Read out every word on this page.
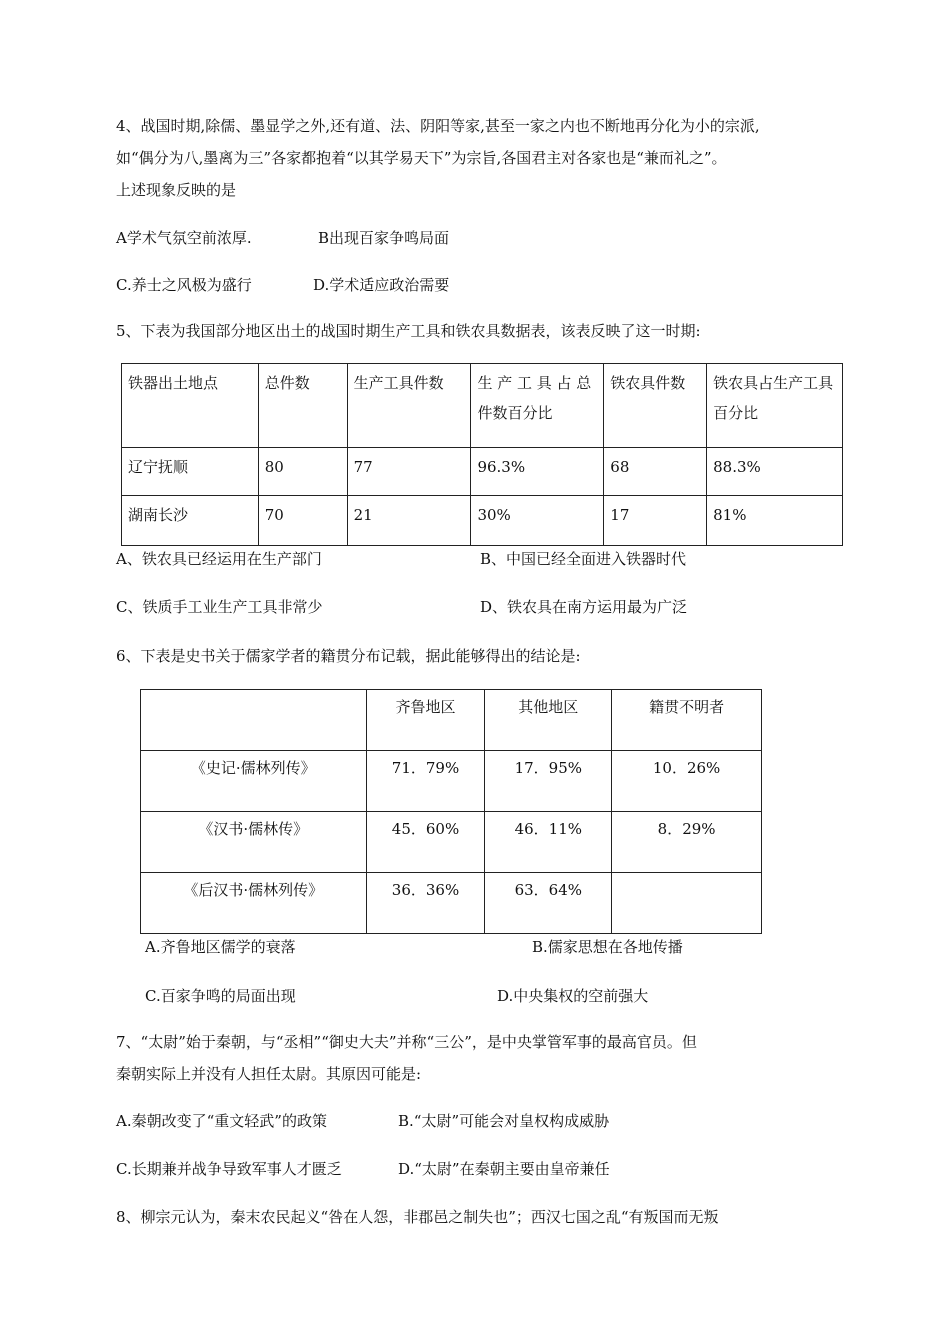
4、战国时期,除儒、墨显学之外,还有道、法、阴阳等家,甚至一家之内也不断地再分化为小的宗派,
如“偶分为八,墨离为三”各家都抱着“以其学易天下”为宗旨,各国君主对各家也是“兼而礼之”。
上述现象反映的是
A学术气氛空前浓厚.	B出现百家争鸣局面
C.养士之风极为盛行	D.学术适应政治需要
5、下表为我国部分地区出土的战国时期生产工具和铁农具数据表，该表反映了这一时期:
铁器出土地点	总件数	生产工具件数	生 产 工 具 占 总件数百分比	铁农具件数	铁农具占生产工具百分比
辽宁抚顺	80	77	96.3%	68	88.3%
湖南长沙	70	21	30%	17	81%
A、铁农具已经运用在生产部门	B、中国已经全面进入铁器时代
C、铁质手工业生产工具非常少	D、铁农具在南方运用最为广泛
6、下表是史书关于儒家学者的籍贯分布记载，据此能够得出的结论是:
	齐鲁地区	其他地区	籍贯不明者
《史记·儒林列传》	71．79%	17．95%	10．26%
《汉书·儒林传》	45．60%	46．11%	8．29%
《后汉书·儒林列传》	36．36%	63．64%	
A.齐鲁地区儒学的衰落	B.儒家思想在各地传播
C.百家争鸣的局面出现	D.中央集权的空前强大
7、“太尉”始于秦朝，与“丞相”“御史大夫”并称“三公”，是中央掌管军事的最高官员。但
秦朝实际上并没有人担任太尉。其原因可能是:
A.秦朝改变了“重文轻武”的政策	B.“太尉”可能会对皇权构成威胁
C.长期兼并战争导致军事人才匮乏	D.“太尉”在秦朝主要由皇帝兼任
8、柳宗元认为，秦末农民起义“咎在人怨，非郡邑之制失也”；西汉七国之乱“有叛国而无叛
